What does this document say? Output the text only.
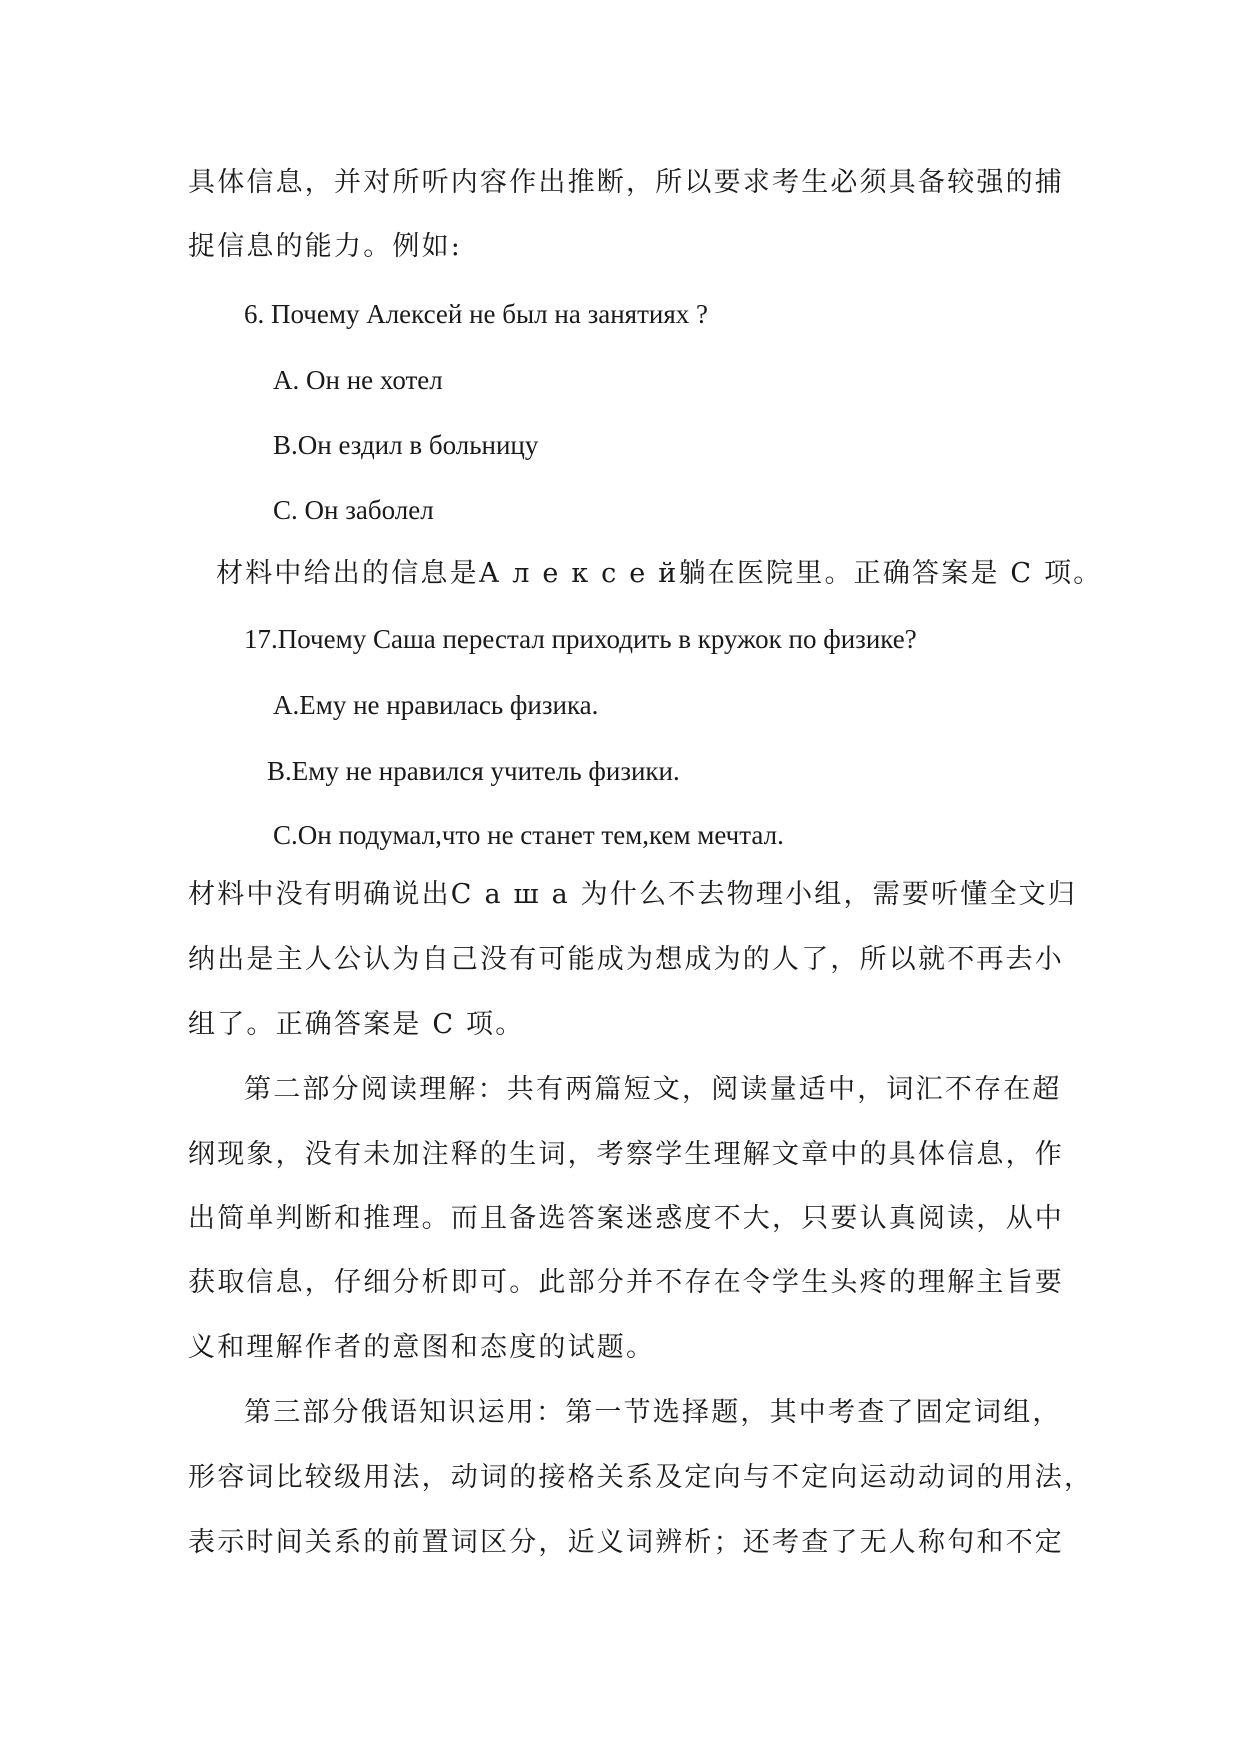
具体信息，并对所听内容作出推断，所以要求考生必须具备较强的捕
捉信息的能力。例如:
6. Почему Алексей не был на занятиях ?
A. Он не хотел
B.Он ездил в больницу
C. Он заболел
材料中给出的信息是А л е к с е й躺在医院里。正确答案是 C 项。
17.Почему Саша перестал приходить в кружок по физике?
A.Ему не нравилась физика.
B.Ему не нравился учитель физики.
C.Он подумал,что не станет тем,кем мечтал.
材料中没有明确说出С а ш а 为什么不去物理小组，需要听懂全文归
纳出是主人公认为自己没有可能成为想成为的人了，所以就不再去小
组了。正确答案是 C 项。
第二部分阅读理解：共有两篇短文，阅读量适中，词汇不存在超
纲现象，没有未加注释的生词，考察学生理解文章中的具体信息，作
出简单判断和推理。而且备选答案迷惑度不大，只要认真阅读，从中
获取信息，仔细分析即可。此部分并不存在令学生头疼的理解主旨要
义和理解作者的意图和态度的试题。
第三部分俄语知识运用：第一节选择题，其中考查了固定词组，
形容词比较级用法，动词的接格关系及定向与不定向运动动词的用法，
表示时间关系的前置词区分，近义词辨析；还考查了无人称句和不定
